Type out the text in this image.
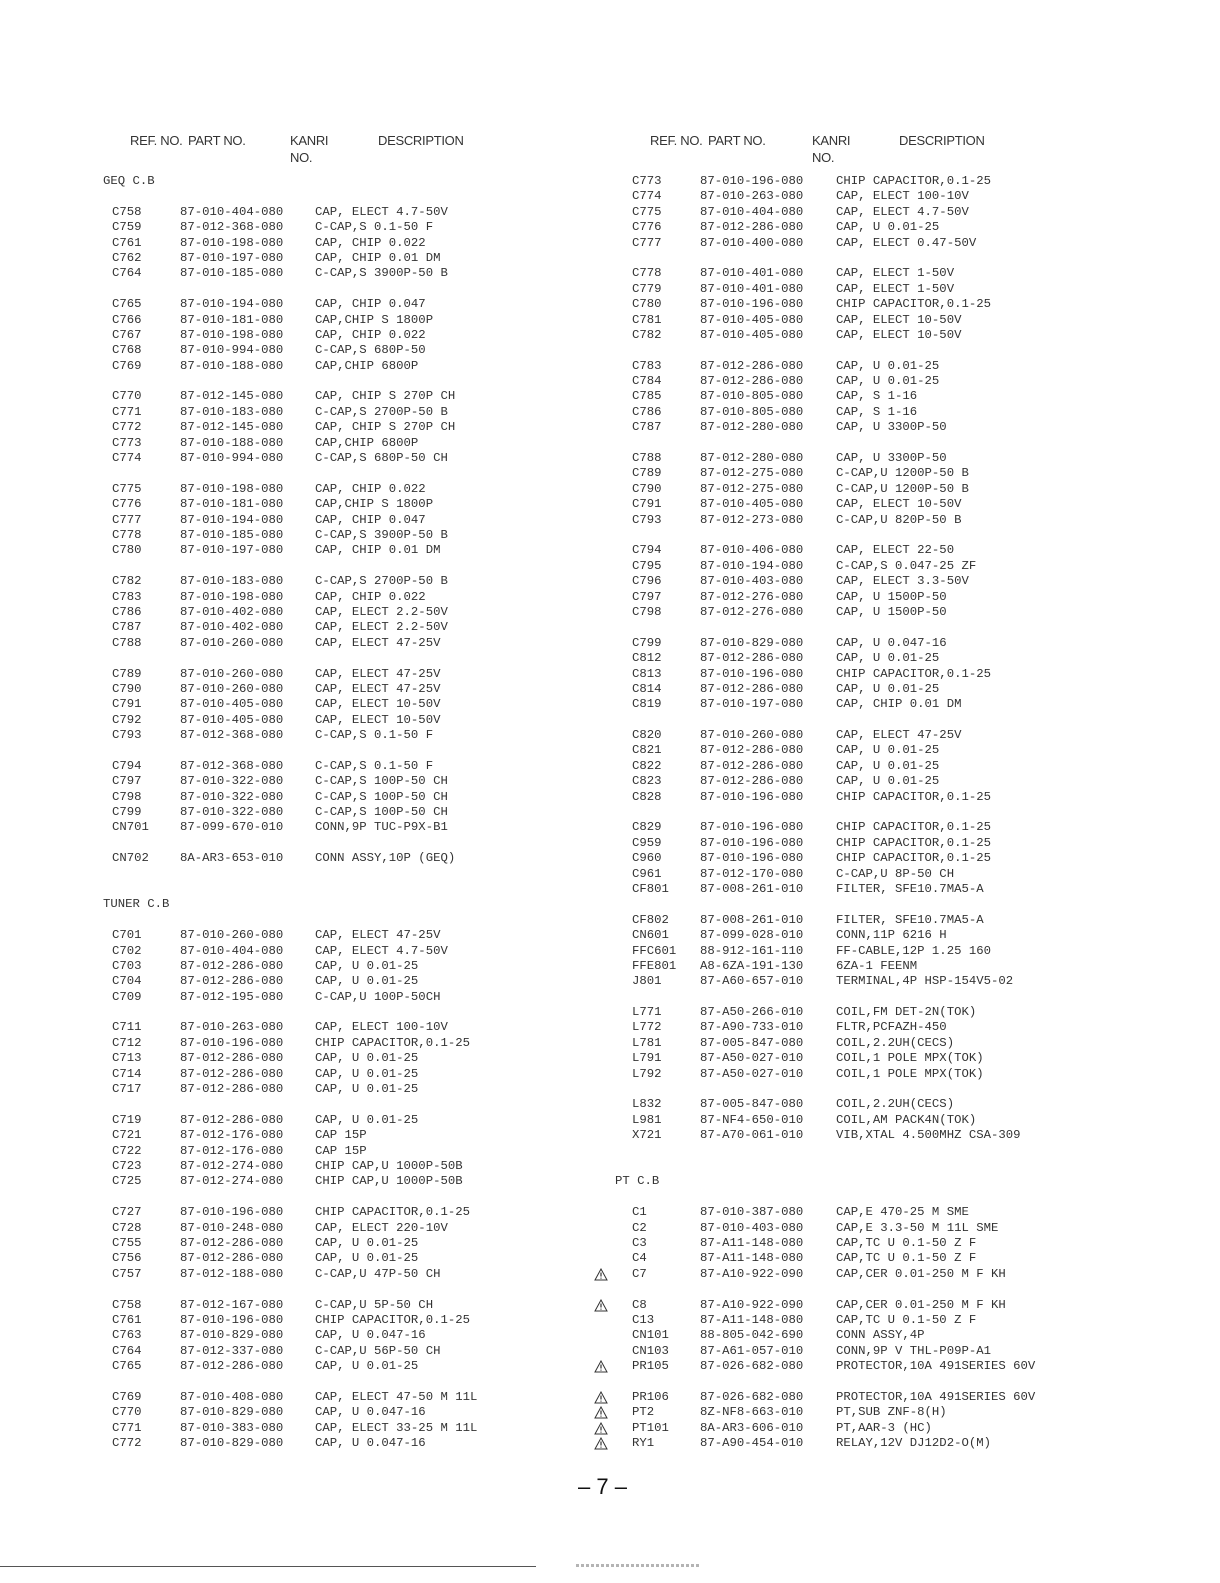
REF. NO. PART NO.	KANRI
NO.
DESCRIPTION
GEQ C.B
C758	87-010-404-080	CAP, ELECT 4.7-50V
C759	87-012-368-080	C-CAP,S 0.1-50 F
C761	87-010-198-080	CAP, CHIP 0.022
C762	87-010-197-080	CAP, CHIP 0.01 DM
C764	87-010-185-080	C-CAP,S 3900P-50 B
C765	87-010-194-080	CAP, CHIP 0.047
C766	87-010-181-080	CAP,CHIP S 1800P
C767	87-010-198-080	CAP, CHIP 0.022
C768	87-010-994-080	C-CAP,S 680P-50
C769	87-010-188-080	CAP,CHIP 6800P
C770	87-012-145-080	CAP, CHIP S 270P CH
C771	87-010-183-080	C-CAP,S 2700P-50 B
C772	87-012-145-080	CAP, CHIP S 270P CH
C773	87-010-188-080	CAP,CHIP 6800P
C774	87-010-994-080	C-CAP,S 680P-50 CH
C775	87-010-198-080	CAP, CHIP 0.022
C776	87-010-181-080	CAP,CHIP S 1800P
C777	87-010-194-080	CAP, CHIP 0.047
C778	87-010-185-080	C-CAP,S 3900P-50 B
C780	87-010-197-080	CAP, CHIP 0.01 DM
C782	87-010-183-080	C-CAP,S 2700P-50 B
C783	87-010-198-080	CAP, CHIP 0.022
C786	87-010-402-080	CAP, ELECT 2.2-50V
C787	87-010-402-080	CAP, ELECT 2.2-50V
C788	87-010-260-080	CAP, ELECT 47-25V
C789	87-010-260-080	CAP, ELECT 47-25V
C790	87-010-260-080	CAP, ELECT 47-25V
C791	87-010-405-080	CAP, ELECT 10-50V
C792	87-010-405-080	CAP, ELECT 10-50V
C793	87-012-368-080	C-CAP,S 0.1-50 F
C794	87-012-368-080	C-CAP,S 0.1-50 F
C797	87-010-322-080	C-CAP,S 100P-50 CH
C798	87-010-322-080	C-CAP,S 100P-50 CH
C799	87-010-322-080	C-CAP,S 100P-50 CH
CN701	87-099-670-010	CONN,9P TUC-P9X-B1
CN702	8A-AR3-653-010	CONN ASSY,10P (GEQ)
TUNER C.B
C701	87-010-260-080	CAP, ELECT 47-25V
C702	87-010-404-080	CAP, ELECT 4.7-50V
C703	87-012-286-080	CAP, U 0.01-25
C704	87-012-286-080	CAP, U 0.01-25
C709	87-012-195-080	C-CAP,U 100P-50CH
C711	87-010-263-080	CAP, ELECT 100-10V
C712	87-010-196-080	CHIP CAPACITOR,0.1-25
C713	87-012-286-080	CAP, U 0.01-25
C714	87-012-286-080	CAP, U 0.01-25
C717	87-012-286-080	CAP, U 0.01-25
C719	87-012-286-080	CAP, U 0.01-25
C721	87-012-176-080	CAP 15P
C722	87-012-176-080	CAP 15P
C723	87-012-274-080	CHIP CAP,U 1000P-50B
C725	87-012-274-080	CHIP CAP,U 1000P-50B
C727	87-010-196-080	CHIP CAPACITOR,0.1-25
C728	87-010-248-080	CAP, ELECT 220-10V
C755	87-012-286-080	CAP, U 0.01-25
C756	87-012-286-080	CAP, U 0.01-25
C757	87-012-188-080	C-CAP,U 47P-50 CH
C758	87-012-167-080	C-CAP,U 5P-50 CH
C761	87-010-196-080	CHIP CAPACITOR,0.1-25
C763	87-010-829-080	CAP, U 0.047-16
C764	87-012-337-080	C-CAP,U 56P-50 CH
C765	87-012-286-080	CAP, U 0.01-25
C769	87-010-408-080	CAP, ELECT 47-50 M 11L
C770	87-010-829-080	CAP, U 0.047-16
C771	87-010-383-080	CAP, ELECT 33-25 M 11L
C772	87-010-829-080	CAP, U 0.047-16
REF. NO. PART NO.	KANRI
NO.
DESCRIPTION
C773	87-010-196-080	CHIP CAPACITOR,0.1-25
C774	87-010-263-080	CAP, ELECT 100-10V
C775	87-010-404-080	CAP, ELECT 4.7-50V
C776	87-012-286-080	CAP, U 0.01-25
C777	87-010-400-080	CAP, ELECT 0.47-50V
C778	87-010-401-080	CAP, ELECT 1-50V
C779	87-010-401-080	CAP, ELECT 1-50V
C780	87-010-196-080	CHIP CAPACITOR,0.1-25
C781	87-010-405-080	CAP, ELECT 10-50V
C782	87-010-405-080	CAP, ELECT 10-50V
C783	87-012-286-080	CAP, U 0.01-25
C784	87-012-286-080	CAP, U 0.01-25
C785	87-010-805-080	CAP, S 1-16
C786	87-010-805-080	CAP, S 1-16
C787	87-012-280-080	CAP, U 3300P-50
C788	87-012-280-080	CAP, U 3300P-50
C789	87-012-275-080	C-CAP,U 1200P-50 B
C790	87-012-275-080	C-CAP,U 1200P-50 B
C791	87-010-405-080	CAP, ELECT 10-50V
C793	87-012-273-080	C-CAP,U 820P-50 B
C794	87-010-406-080	CAP, ELECT 22-50
C795	87-010-194-080	C-CAP,S 0.047-25 ZF
C796	87-010-403-080	CAP, ELECT 3.3-50V
C797	87-012-276-080	CAP, U 1500P-50
C798	87-012-276-080	CAP, U 1500P-50
C799	87-010-829-080	CAP, U 0.047-16
C812	87-012-286-080	CAP, U 0.01-25
C813	87-010-196-080	CHIP CAPACITOR,0.1-25
C814	87-012-286-080	CAP, U 0.01-25
C819	87-010-197-080	CAP, CHIP 0.01 DM
C820	87-010-260-080	CAP, ELECT 47-25V
C821	87-012-286-080	CAP, U 0.01-25
C822	87-012-286-080	CAP, U 0.01-25
C823	87-012-286-080	CAP, U 0.01-25
C828	87-010-196-080	CHIP CAPACITOR,0.1-25
C829	87-010-196-080	CHIP CAPACITOR,0.1-25
C959	87-010-196-080	CHIP CAPACITOR,0.1-25
C960	87-010-196-080	CHIP CAPACITOR,0.1-25
C961	87-012-170-080	C-CAP,U 8P-50 CH
CF801	87-008-261-010	FILTER, SFE10.7MA5-A
CF802	87-008-261-010	FILTER, SFE10.7MA5-A
CN601	87-099-028-010	CONN,11P 6216 H
FFC601 88-912-161-110	FF-CABLE,12P 1.25 160
FFE801 A8-6ZA-191-130	6ZA-1 FEENM
J801	87-A60-657-010	TERMINAL,4P HSP-154V5-02
L771	87-A50-266-010	COIL,FM DET-2N(TOK)
L772	87-A90-733-010	FLTR,PCFAZH-450
L781	87-005-847-080	COIL,2.2UH(CECS)
L791	87-A50-027-010	COIL,1 POLE MPX(TOK)
L792	87-A50-027-010	COIL,1 POLE MPX(TOK)
L832	87-005-847-080	COIL,2.2UH(CECS)
L981	87-NF4-650-010	COIL,AM PACK4N(TOK)
X721	87-A70-061-010	VIB,XTAL 4.500MHZ CSA-309
PT C.B
C1	87-010-387-080	CAP,E 470-25 M SME
C2	87-010-403-080	CAP,E 3.3-50 M 11L SME
C3	87-A11-148-080	CAP,TC U 0.1-50 Z F
C4	87-A11-148-080	CAP,TC U 0.1-50 Z F
C7	87-A10-922-090	CAP,CER 0.01-250 M F KH
C8	87-A10-922-090	CAP,CER 0.01-250 M F KH
C13	87-A11-148-080	CAP,TC U 0.1-50 Z F
CN101	88-805-042-690	CONN ASSY,4P
CN103	87-A61-057-010	CONN,9P V THL-P09P-A1
PR105	87-026-682-080	PROTECTOR,10A 491SERIES 60V
PR106	87-026-682-080	PROTECTOR,10A 491SERIES 60V
PT2	8Z-NF8-663-010	PT,SUB ZNF-8(H)
PT101	8A-AR3-606-010	PT,AAR-3 (HC)
RY1	87-A90-454-010	RELAY,12V DJ12D2-O(M)
– 7 –
